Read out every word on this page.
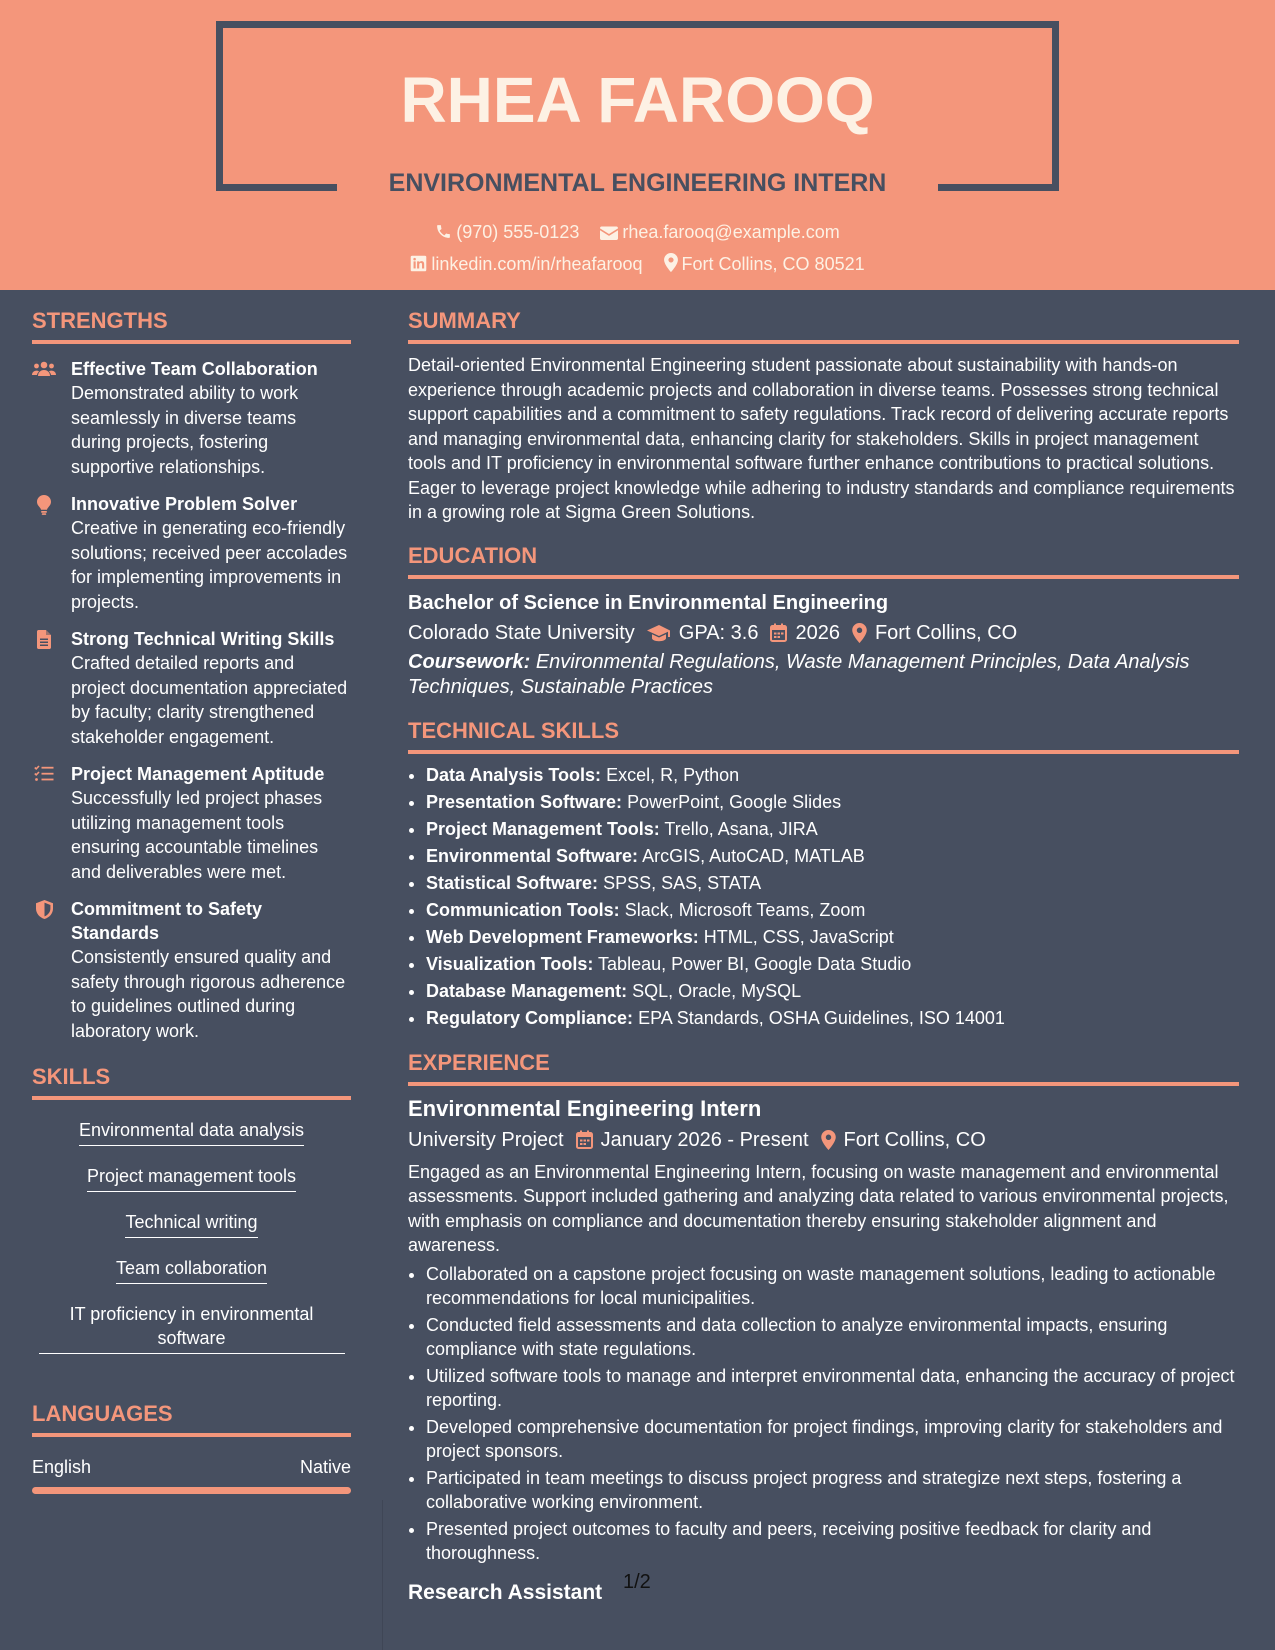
RHEA FAROOQ
ENVIRONMENTAL ENGINEERING INTERN
(970) 555-0123 rhea.farooq@example.com
linkedin.com/in/rheafarooq Fort Collins, CO 80521
STRENGTHS
Effective Team Collaboration
Demonstrated ability to work seamlessly in diverse teams during projects, fostering supportive relationships.
Innovative Problem Solver
Creative in generating eco-friendly solutions; received peer accolades for implementing improvements in projects.
Strong Technical Writing Skills
Crafted detailed reports and project documentation appreciated by faculty; clarity strengthened stakeholder engagement.
Project Management Aptitude
Successfully led project phases utilizing management tools ensuring accountable timelines and deliverables were met.
Commitment to Safety Standards
Consistently ensured quality and safety through rigorous adherence to guidelines outlined during laboratory work.
SKILLS
Environmental data analysis
Project management tools
Technical writing
Team collaboration
IT proficiency in environmental software
LANGUAGES
English	Native
SUMMARY
Detail-oriented Environmental Engineering student passionate about sustainability with hands-on experience through academic projects and collaboration in diverse teams. Possesses strong technical support capabilities and a commitment to safety regulations. Track record of delivering accurate reports and managing environmental data, enhancing clarity for stakeholders. Skills in project management tools and IT proficiency in environmental software further enhance contributions to practical solutions. Eager to leverage project knowledge while adhering to industry standards and compliance requirements in a growing role at Sigma Green Solutions.
EDUCATION
Bachelor of Science in Environmental Engineering
Colorado State University GPA: 3.6 2026 Fort Collins, CO
Coursework: Environmental Regulations, Waste Management Principles, Data Analysis Techniques, Sustainable Practices
TECHNICAL SKILLS
• Data Analysis Tools: Excel, R, Python
• Presentation Software: PowerPoint, Google Slides
• Project Management Tools: Trello, Asana, JIRA
• Environmental Software: ArcGIS, AutoCAD, MATLAB
• Statistical Software: SPSS, SAS, STATA
• Communication Tools: Slack, Microsoft Teams, Zoom
• Web Development Frameworks: HTML, CSS, JavaScript
• Visualization Tools: Tableau, Power BI, Google Data Studio
• Database Management: SQL, Oracle, MySQL
• Regulatory Compliance: EPA Standards, OSHA Guidelines, ISO 14001
EXPERIENCE
Environmental Engineering Intern
University Project January 2026 - Present Fort Collins, CO
Engaged as an Environmental Engineering Intern, focusing on waste management and environmental assessments. Support included gathering and analyzing data related to various environmental projects, with emphasis on compliance and documentation thereby ensuring stakeholder alignment and awareness.
• Collaborated on a capstone project focusing on waste management solutions, leading to actionable recommendations for local municipalities.
• Conducted field assessments and data collection to analyze environmental impacts, ensuring compliance with state regulations.
• Utilized software tools to manage and interpret environmental data, enhancing the accuracy of project reporting.
• Developed comprehensive documentation for project findings, improving clarity for stakeholders and project sponsors.
• Participated in team meetings to discuss project progress and strategize next steps, fostering a collaborative working environment.
• Presented project outcomes to faculty and peers, receiving positive feedback for clarity and thoroughness.
Research Assistant	1/2
